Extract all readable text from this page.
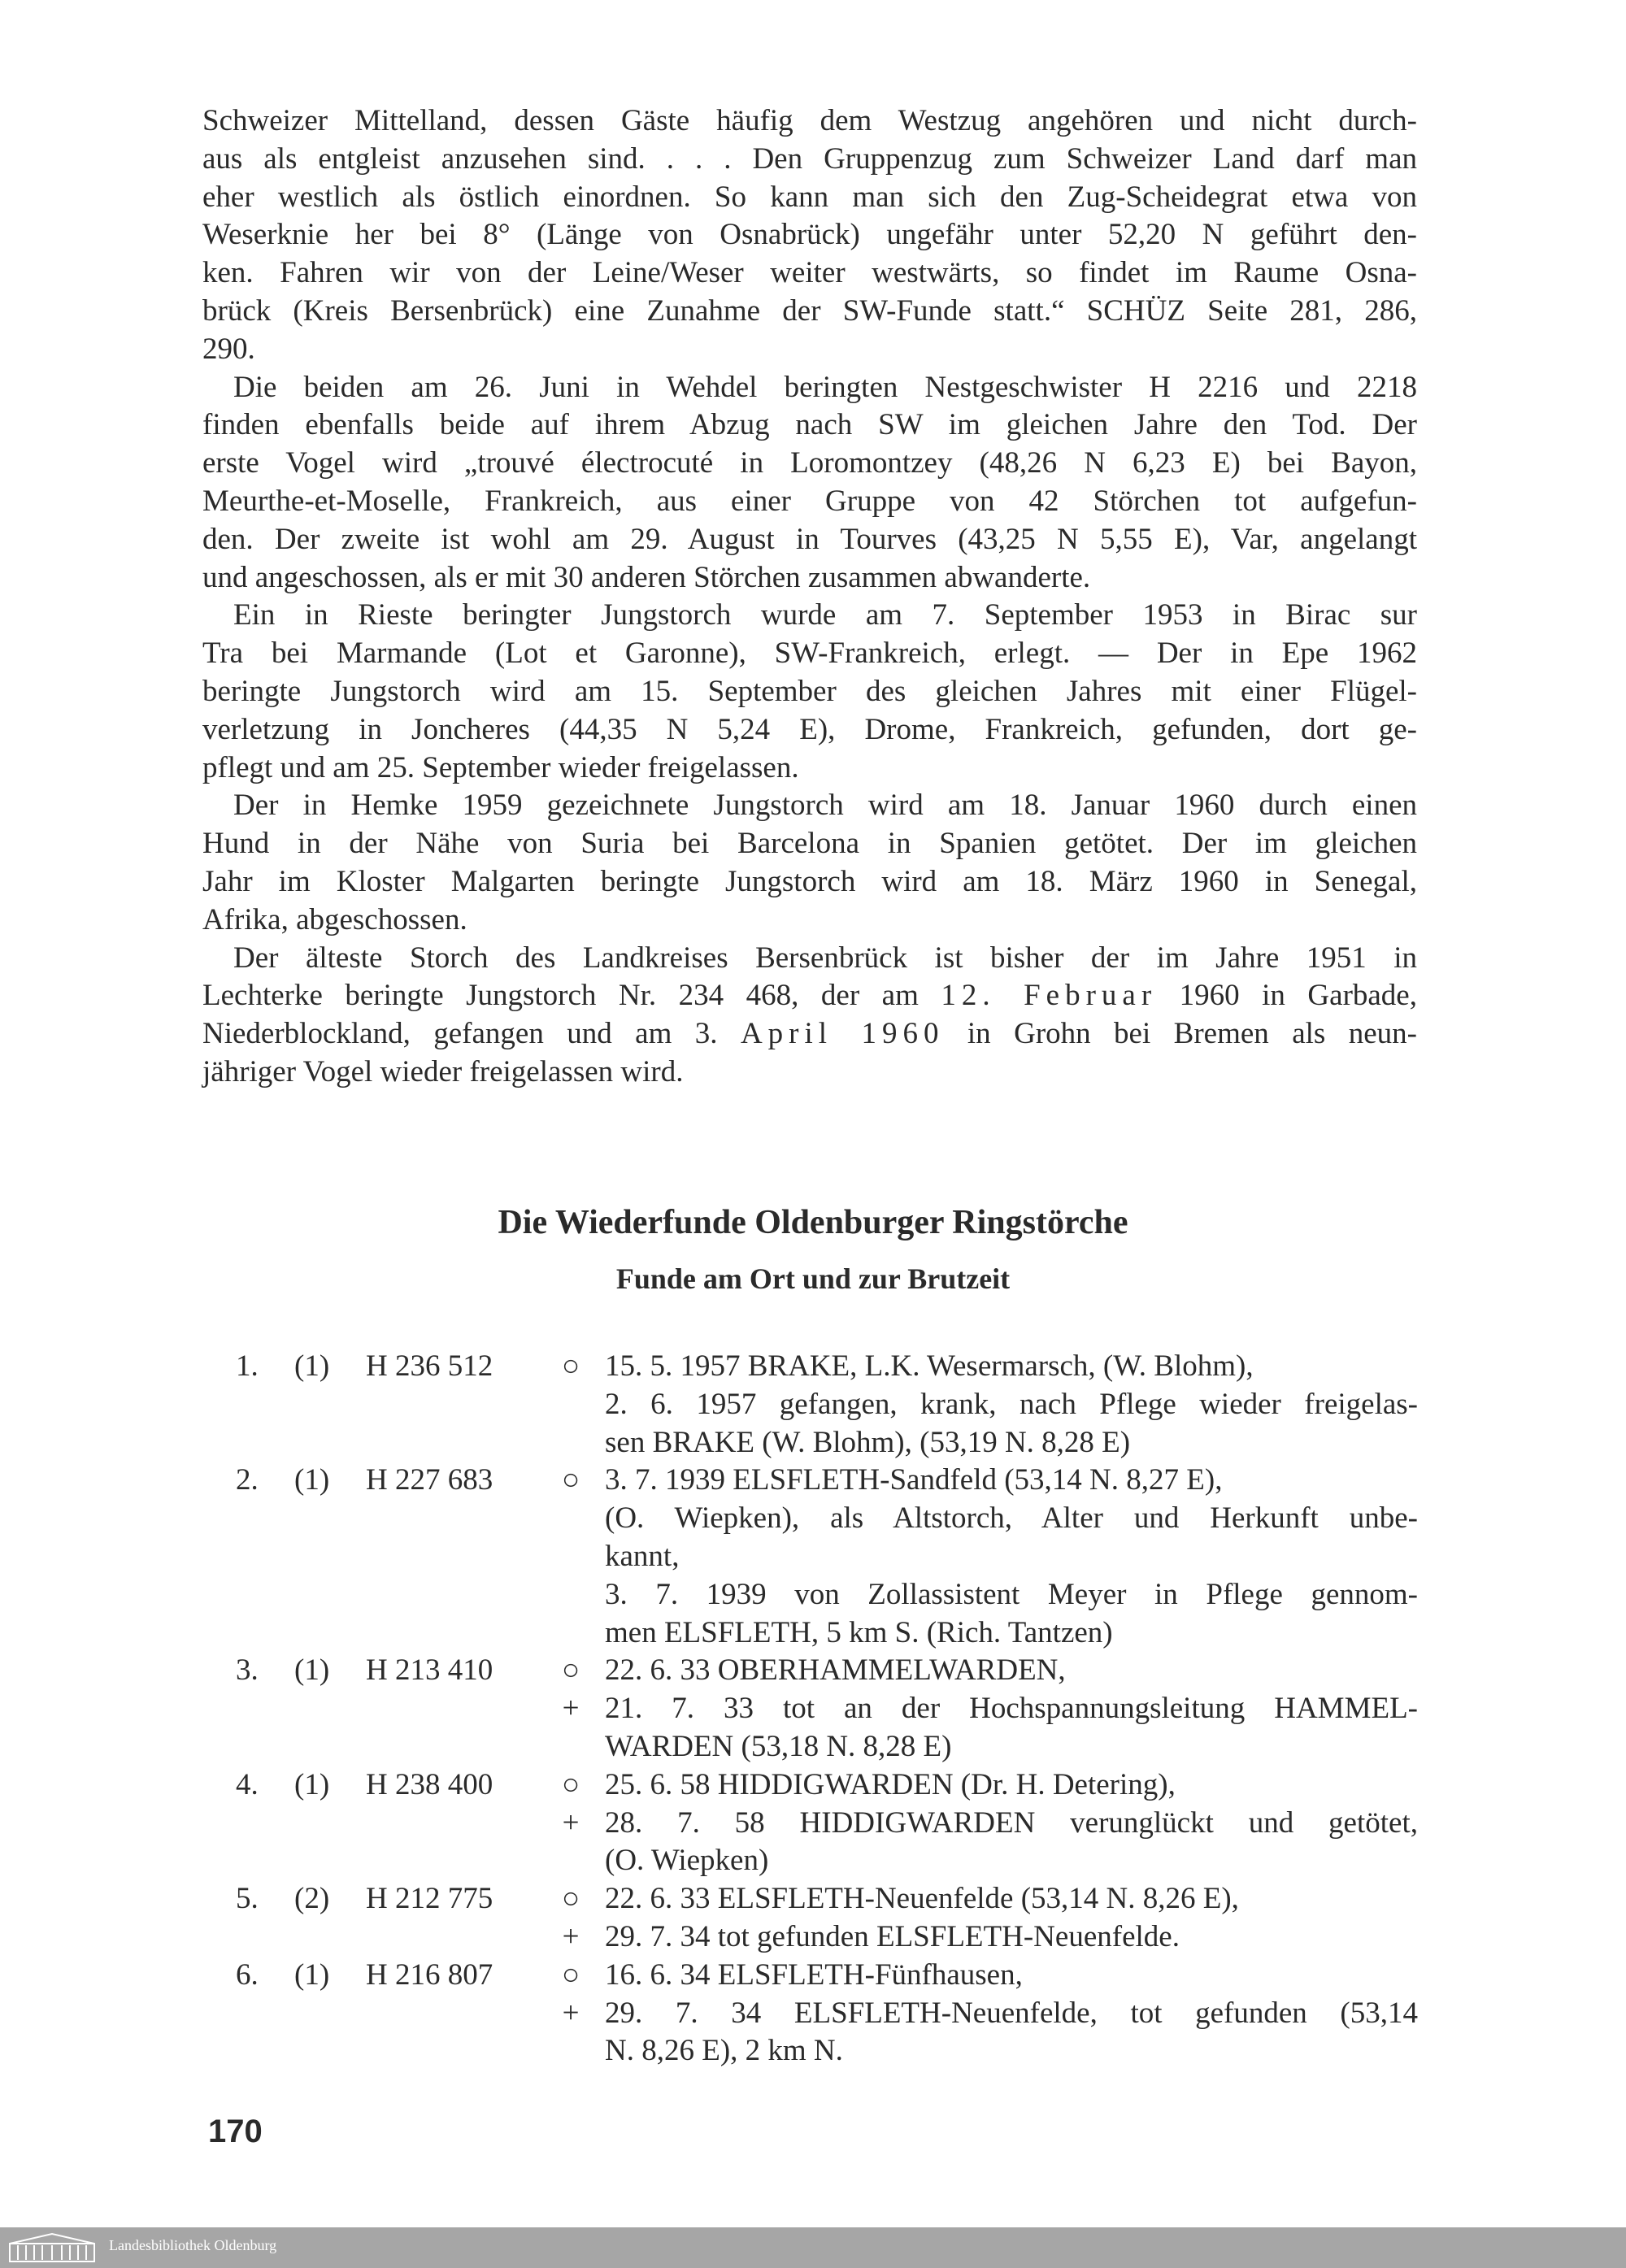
Schweizer Mittelland, dessen Gäste häufig dem Westzug angehören und nicht durch-
aus als entgleist anzusehen sind. . . . Den Gruppenzug zum Schweizer Land darf man
eher westlich als östlich einordnen. So kann man sich den Zug-Scheidegrat etwa von
Weserknie her bei 8° (Länge von Osnabrück) ungefähr unter 52,20 N geführt den-
ken. Fahren wir von der Leine/Weser weiter westwärts, so findet im Raume Osna-
brück (Kreis Bersenbrück) eine Zunahme der SW-Funde statt.“ SCHÜZ Seite 281, 286,
290.
Die beiden am 26. Juni in Wehdel beringten Nestgeschwister H 2216 und 2218
finden ebenfalls beide auf ihrem Abzug nach SW im gleichen Jahre den Tod. Der
erste Vogel wird „trouvé électrocuté in Loromontzey (48,26 N 6,23 E) bei Bayon,
Meurthe-et-Moselle, Frankreich, aus einer Gruppe von 42 Störchen tot aufgefun-
den. Der zweite ist wohl am 29. August in Tourves (43,25 N 5,55 E), Var, angelangt
und angeschossen, als er mit 30 anderen Störchen zusammen abwanderte.
Ein in Rieste beringter Jungstorch wurde am 7. September 1953 in Birac sur
Tra bei Marmande (Lot et Garonne), SW-Frankreich, erlegt. — Der in Epe 1962
beringte Jungstorch wird am 15. September des gleichen Jahres mit einer Flügel-
verletzung in Joncheres (44,35 N 5,24 E), Drome, Frankreich, gefunden, dort ge-
pflegt und am 25. September wieder freigelassen.
Der in Hemke 1959 gezeichnete Jungstorch wird am 18. Januar 1960 durch einen
Hund in der Nähe von Suria bei Barcelona in Spanien getötet. Der im gleichen
Jahr im Kloster Malgarten beringte Jungstorch wird am 18. März 1960 in Senegal,
Afrika, abgeschossen.
Der älteste Storch des Landkreises Bersenbrück ist bisher der im Jahre 1951 in
Lechterke beringte Jungstorch Nr. 234 468, der am 12. Februar 1960 in Garbade,
Niederblockland, gefangen und am 3. April 1960 in Grohn bei Bremen als neun-
jähriger Vogel wieder freigelassen wird.
Die Wiederfunde Oldenburger Ringstörche
Funde am Ort und zur Brutzeit
1. (1) H 236 512 ○ 15. 5. 1957 BRAKE, L.K. Wesermarsch, (W. Blohm),
2. 6. 1957 gefangen, krank, nach Pflege wieder freigelas-
sen BRAKE (W. Blohm), (53,19 N. 8,28 E)
2. (1) H 227 683 ○ 3. 7. 1939 ELSFLETH-Sandfeld (53,14 N. 8,27 E),
(O. Wiepken), als Altstorch, Alter und Herkunft unbe-
kannt,
3. 7. 1939 von Zollassistent Meyer in Pflege gennom-
men ELSFLETH, 5 km S. (Rich. Tantzen)
3. (1) H 213 410 ○ 22. 6. 33 OBERHAMMELWARDEN,
+ 21. 7. 33 tot an der Hochspannungsleitung HAMMEL-
WARDEN (53,18 N. 8,28 E)
4. (1) H 238 400 ○ 25. 6. 58 HIDDIGWARDEN (Dr. H. Detering),
+ 28. 7. 58 HIDDIGWARDEN verunglückt und getötet,
(O. Wiepken)
5. (2) H 212 775 ○ 22. 6. 33 ELSFLETH-Neuenfelde (53,14 N. 8,26 E),
+ 29. 7. 34 tot gefunden ELSFLETH-Neuenfelde.
6. (1) H 216 807 ○ 16. 6. 34 ELSFLETH-Fünfhausen,
+ 29. 7. 34 ELSFLETH-Neuenfelde, tot gefunden (53,14
N. 8,26 E), 2 km N.
170
Landesbibliothek Oldenburg
